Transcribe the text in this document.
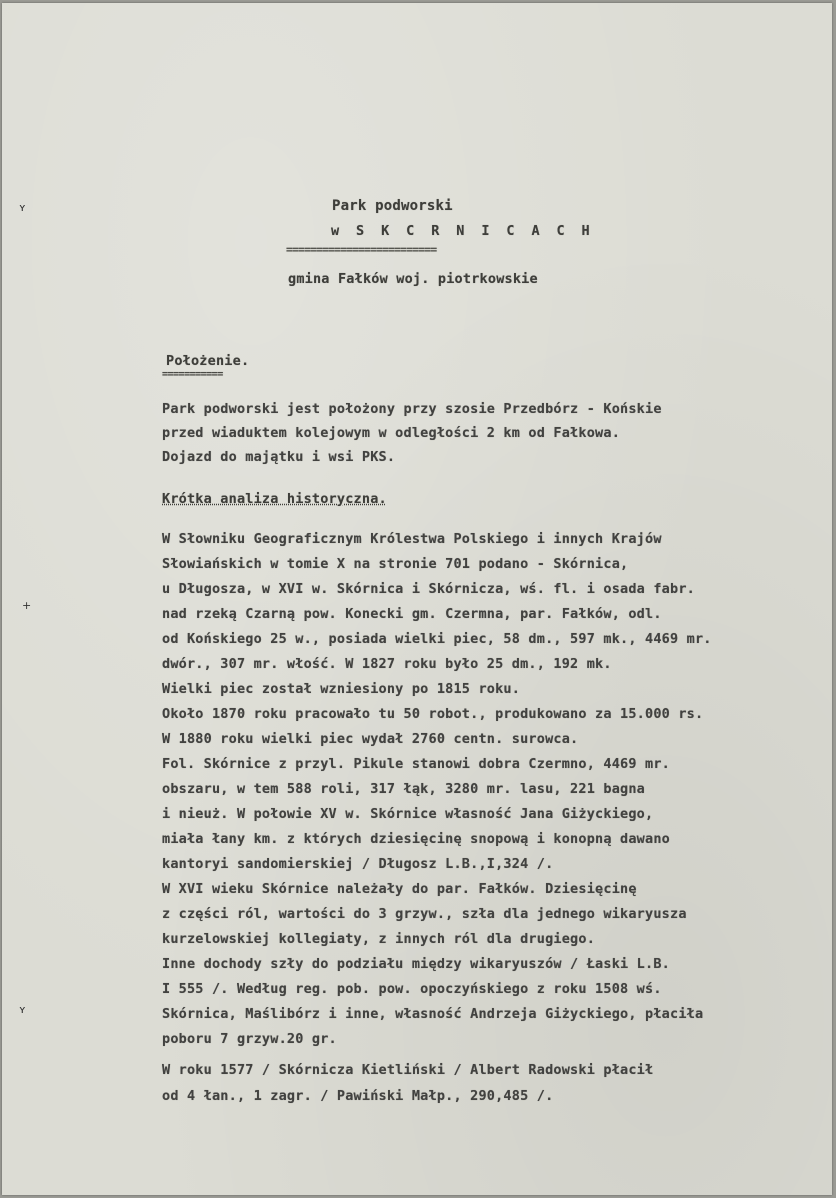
ʏ
+
ʏ
Park podworski
w S K C R N I C A C H
=========================
gmina Fałków woj. piotrkowskie
Położenie.
===========
Park podworski jest położony przy szosie Przedbórz - Końskie
przed wiaduktem kolejowym w odległości 2 km od Fałkowa.
Dojazd do majątku i wsi PKS.
Krótka analiza historyczna.
W Słowniku Geograficznym Królestwa Polskiego i innych Krajów
Słowiańskich w tomie X na stronie 701 podano - Skórnica,
u Długosza, w XVI w. Skórnica i Skórnicza, wś. fl. i osada fabr.
nad rzeką Czarną pow. Konecki gm. Czermna, par. Fałków, odl.
od Końskiego 25 w., posiada wielki piec, 58 dm., 597 mk., 4469 mr.
dwór., 307 mr. włość. W 1827 roku było 25 dm., 192 mk.
Wielki piec został wzniesiony po 1815 roku.
Około 1870 roku pracowało tu 50 robot., produkowano za 15.000 rs.
W 1880 roku wielki piec wydał 2760 centn. surowca.
Fol. Skórnice z przyl. Pikule stanowi dobra Czermno, 4469 mr.
obszaru, w tem 588 roli, 317 łąk, 3280 mr. lasu, 221 bagna
i nieuż. W połowie XV w. Skórnice własność Jana Giżyckiego,
miała łany km. z których dziesięcinę snopową i konopną dawano
kantoryi sandomierskiej / Długosz L.B.,I,324 /.
W XVI wieku Skórnice należały do par. Fałków. Dziesięcinę
z części ról, wartości do 3 grzyw., szła dla jednego wikaryusza
kurzelowskiej kollegiaty, z innych ról dla drugiego.
Inne dochody szły do podziału między wikaryuszów / Łaski L.B.
I 555 /. Według reg. pob. pow. opoczyńskiego z roku 1508 wś.
Skórnica, Maślibórz i inne, własność Andrzeja Giżyckiego, płaciła
poboru 7 grzyw.20 gr.
W roku 1577 / Skórnicza Kietliński / Albert Radowski płacił
od 4 łan., 1 zagr. / Pawiński Małp., 290,485 /.
